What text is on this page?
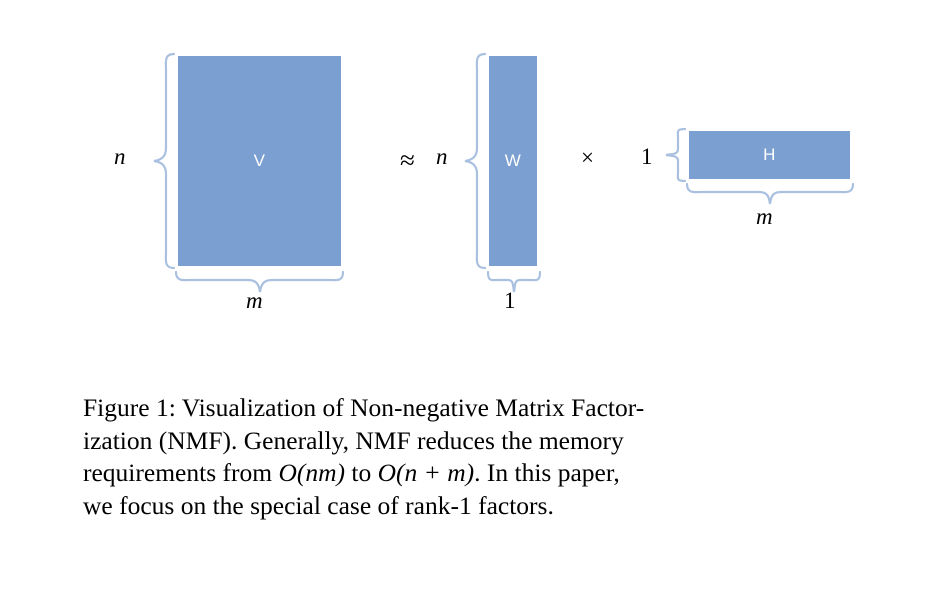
V
n
m
≈	W
n
1
×	H
1
m
Figure 1: Visualization of Non-negative Matrix Factor-
ization (NMF). Generally, NMF reduces the memory
requirements from O(nm) to O(n + m). In this paper,
we focus on the special case of rank-1 factors.
